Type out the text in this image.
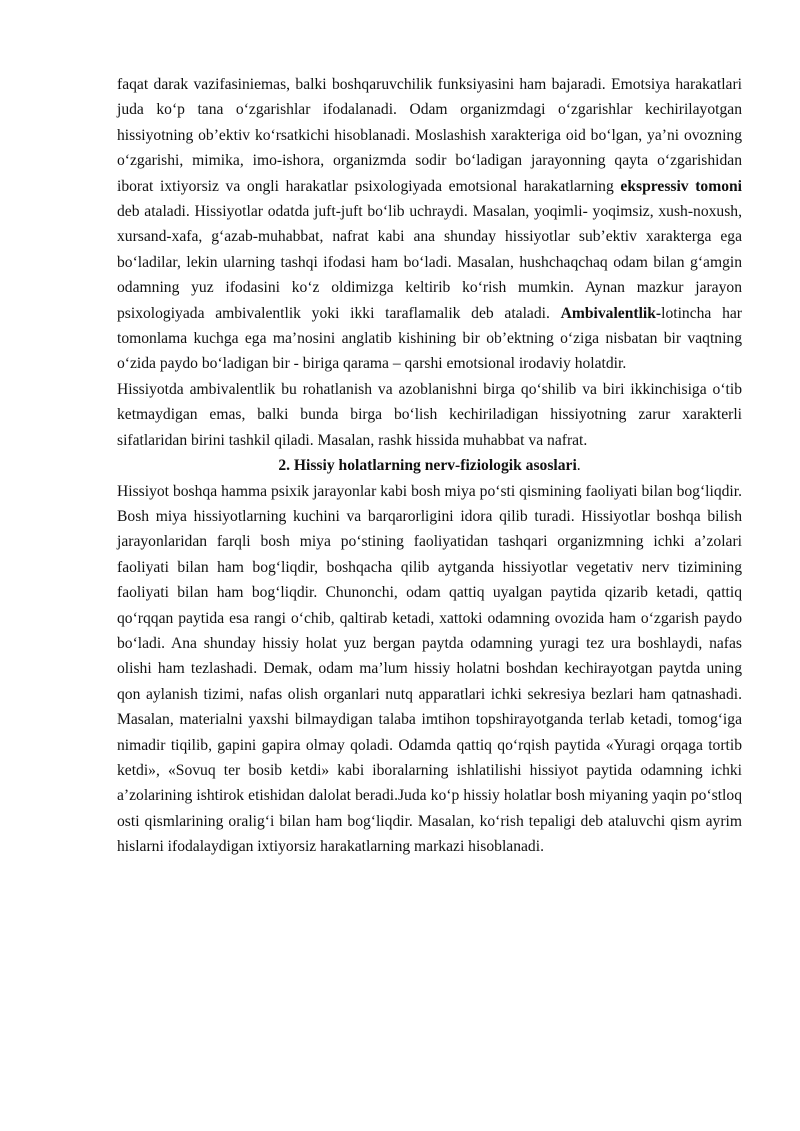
faqat darak vazifasiniemas, balki boshqaruvchilik funksiyasini ham bajaradi. Emotsiya harakatlari juda koʻp tana oʻzgarishlar ifodalanadi. Odam organizmdagi oʻzgarishlar kechirilayotgan hissiyotning obʼektiv koʻrsatkichi hisoblanadi. Moslashish xarakteriga oid boʻlgan, yaʼni ovozning oʻzgarishi, mimika, imo-ishora, organizmda sodir boʻladigan jarayonning qayta oʻzgarishidan iborat ixtiyorsiz va ongli harakatlar psixologiyada emotsional harakatlarning ekspressiv tomoni deb ataladi. Hissiyotlar odatda juft-juft boʻlib uchraydi. Masalan, yoqimli- yoqimsiz, xush-noxush, xursand-xafa, gʻazab-muhabbat, nafrat kabi ana shunday hissiyotlar subʼektiv xarakterga ega boʻladilar, lekin ularning tashqi ifodasi ham boʻladi. Masalan, hushchaqchaq odam bilan gʻamgin odamning yuz ifodasini koʻz oldimizga keltirib koʻrish mumkin. Aynan mazkur jarayon psixologiyada ambivalentlik yoki ikki taraflamalik deb ataladi. Ambivalentlik-lotincha har tomonlama kuchga ega maʼnosini anglatib kishining bir obʼektning oʻziga nisbatan bir vaqtning oʻzida paydo boʻladigan bir - biriga qarama – qarshi emotsional irodaviy holatdir.

Hissiyotda ambivalentlik bu rohatlanish va azoblanishni birga qoʻshilib va biri ikkinchisiga oʻtib ketmaydigan emas, balki bunda birga boʻlish kechiriladigan hissiyotning zarur xarakterli sifatlaridan birini tashkil qiladi. Masalan, rashk hissida muhabbat va nafrat.

2. Hissiy holatlarning nerv-fiziologik asoslari.

Hissiyot boshqa hamma psixik jarayonlar kabi bosh miya poʻsti qismining faoliyati bilan bogʻliqdir. Bosh miya hissiyotlarning kuchini va barqarorligini idora qilib turadi. Hissiyotlar boshqa bilish jarayonlaridan farqli bosh miya poʻstining faoliyatidan tashqari organizmning ichki aʼzolari faoliyati bilan ham bogʻliqdir, boshqacha qilib aytganda hissiyotlar vegetativ nerv tizimining faoliyati bilan ham bogʻliqdir. Chunonchi, odam qattiq uyalgan paytida qizarib ketadi, qattiq qoʻrqqan paytida esa rangi oʻchib, qaltirab ketadi, xattoki odamning ovozida ham oʻzgarish paydo boʻladi. Ana shunday hissiy holat yuz bergan paytda odamning yuragi tez ura boshlaydi, nafas olishi ham tezlashadi. Demak, odam maʼlum hissiy holatni boshdan kechirayotgan paytda uning qon aylanish tizimi, nafas olish organlari nutq apparatlari ichki sekresiya bezlari ham qatnashadi. Masalan, materialni yaxshi bilmaydigan talaba imtihon topshirayotganda terlab ketadi, tomogʻiga nimadir tiqilib, gapini gapira olmay qoladi. Odamda qattiq qoʻrqish paytida «Yuragi orqaga tortib ketdi», «Sovuq ter bosib ketdi» kabi iboralarning ishlatilishi hissiyot paytida odamning ichki aʼzolarining ishtirok etishidan dalolat beradi.Juda koʻp hissiy holatlar bosh miyaning yaqin poʻstloq osti qismlarining oraligʻi bilan ham bogʻliqdir. Masalan, koʻrish tepaligi deb ataluvchi qism ayrim hislarni ifodalaydigan ixtiyorsiz harakatlarning markazi hisoblanadi.
